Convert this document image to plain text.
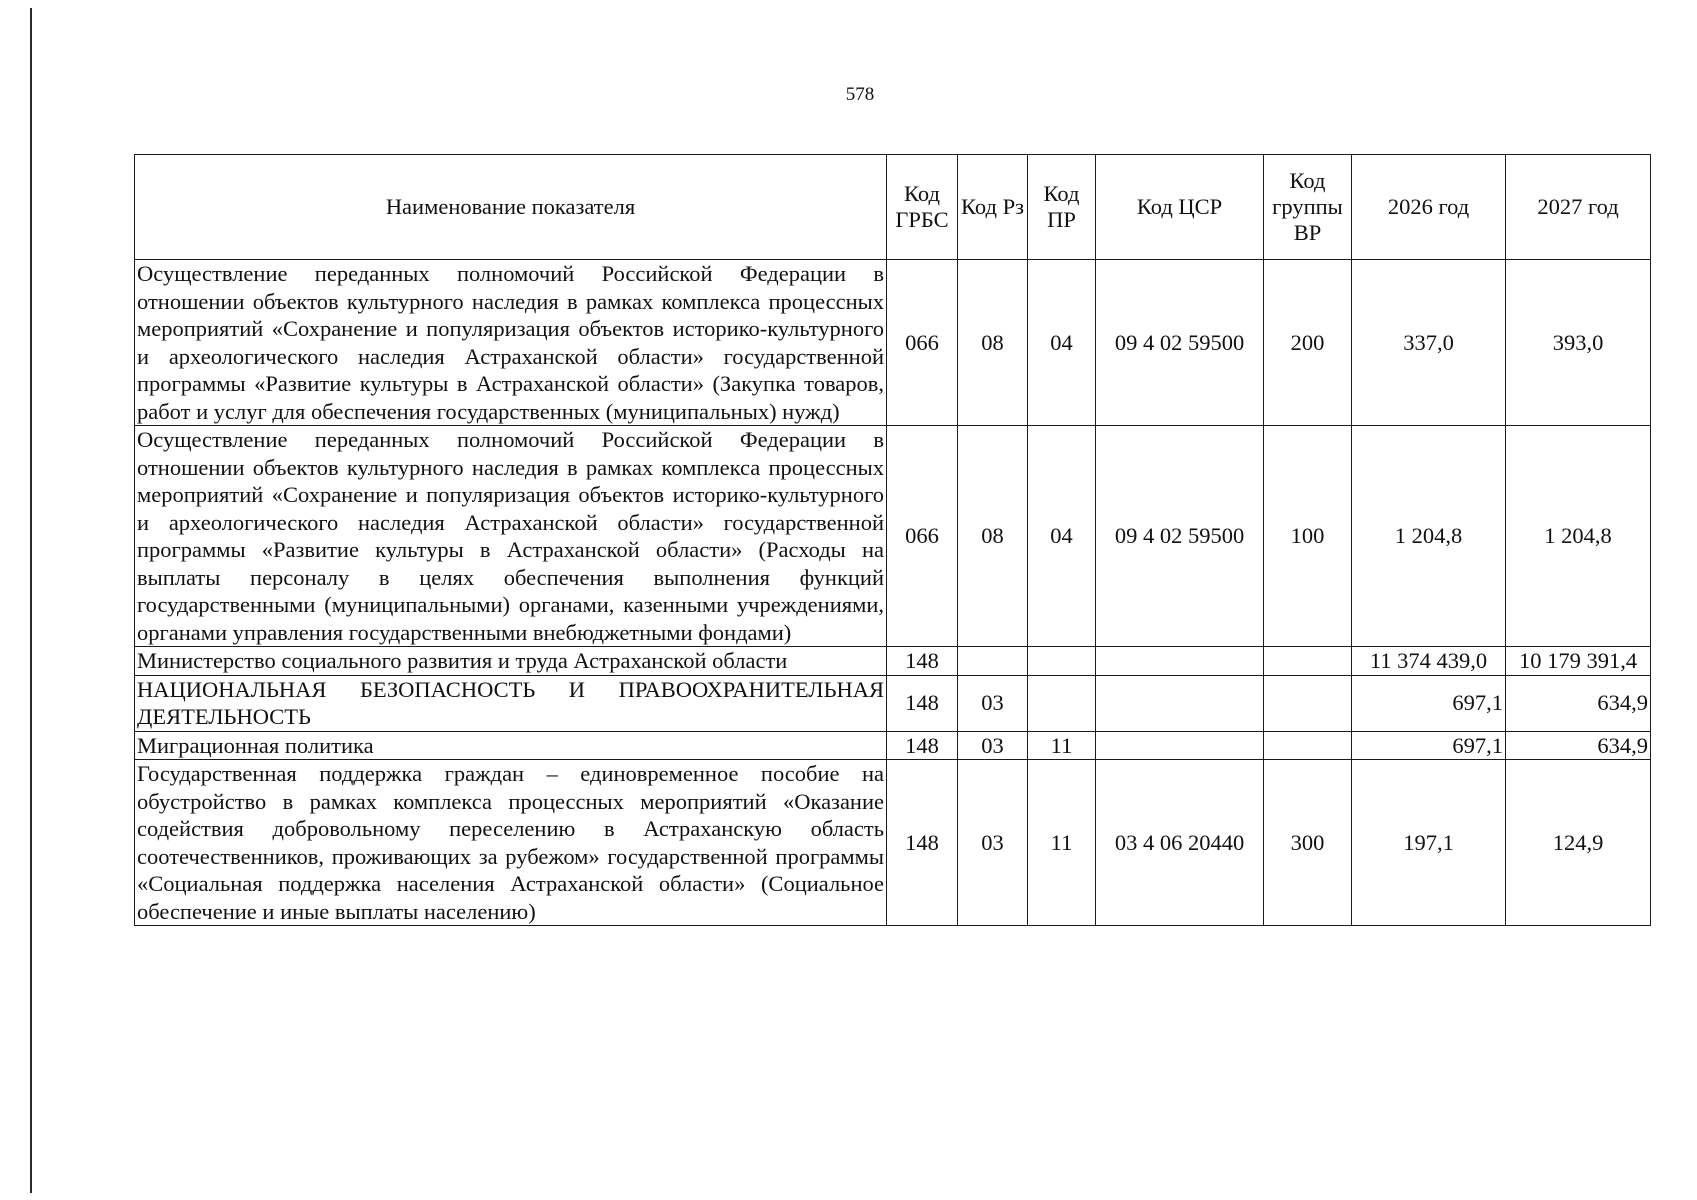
578
Наименование показателя	Код ГРБС	Код Рз	Код ПР	Код ЦСР	Код группы ВР	2026 год	2027 год
Осуществление переданных полномочий Российской Федерации в отношении объектов культурного наследия в рамках комплекса процессных мероприятий «Сохранение и популяризация объектов историко-культурного и археологического наследия Астраханской области» государственной программы «Развитие культуры в Астраханской области» (Закупка товаров, работ и услуг для обеспечения государственных (муниципальных) нужд)	066	08	04	09 4 02 59500	200	337,0	393,0
Осуществление переданных полномочий Российской Федерации в отношении объектов культурного наследия в рамках комплекса процессных мероприятий «Сохранение и популяризация объектов историко-культурного и археологического наследия Астраханской области» государственной программы «Развитие культуры в Астраханской области» (Расходы на выплаты персоналу в целях обеспечения выполнения функций государственными (муниципальными) органами, казенными учреждениями, органами управления государственными внебюджетными фондами)	066	08	04	09 4 02 59500	100	1 204,8	1 204,8
Министерство социального развития и труда Астраханской области	148					11 374 439,0	10 179 391,4
НАЦИОНАЛЬНАЯ БЕЗОПАСНОСТЬ И ПРАВООХРАНИТЕЛЬНАЯ ДЕЯТЕЛЬНОСТЬ	148	03				697,1	634,9
Миграционная политика	148	03	11			697,1	634,9
Государственная поддержка граждан – единовременное пособие на обустройство в рамках комплекса процессных мероприятий «Оказание содействия добровольному переселению в Астраханскую область соотечественников, проживающих за рубежом» государственной программы «Социальная поддержка населения Астраханской области» (Социальное обеспечение и иные выплаты населению)	148	03	11	03 4 06 20440	300	197,1	124,9
